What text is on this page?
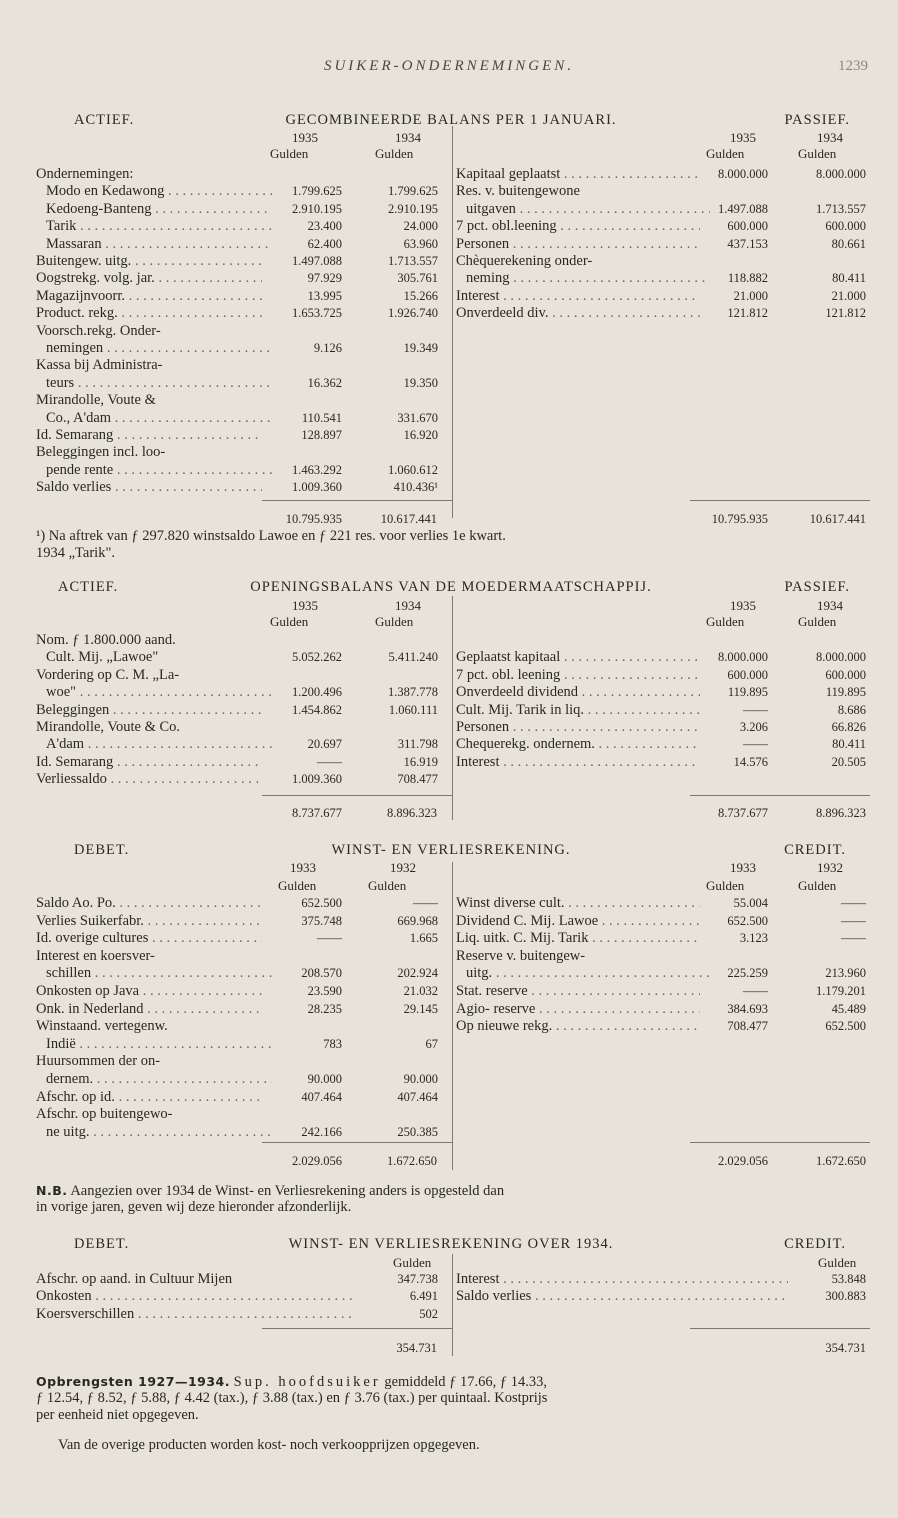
SUIKER-ONDERNEMINGEN.	1239
ACTIEF.	GECOMBINEERDE BALANS PER 1 JANUARI.	PASSIEF.
1935	1934
Gulden	Gulden
1935	1934
Gulden	Gulden
Ondernemingen:
Modo en Kedawong . . .	1.799.625	1.799.625
Kedoeng-Banteng . . .	2.910.195	2.910.195
Tarik . . .	23.400	24.000
Massaran . . .	62.400	63.960
Buitengew. uitg. . . .	1.497.088	1.713.557
Oogstrekg. volg. jar. . . .	97.929	305.761
Magazijnvoorr. . . .	13.995	15.266
Product. rekg. . . .	1.653.725	1.926.740
Voorsch.rekg. Onder-
nemingen . . .	9.126	19.349
Kassa bij Administra-
teurs . . .	16.362	19.350
Mirandolle, Voute &
Co., A'dam . . .	110.541	331.670
Id. Semarang . . .	128.897	16.920
Beleggingen incl. loo-
pende rente . . .	1.463.292	1.060.612
Saldo verlies . . .	1.009.360	410.436¹
Kapitaal geplaatst . . .	8.000.000	8.000.000
Res. v. buitengewone
uitgaven . . .	1.497.088	1.713.557
7 pct. obl.leening . . .	600.000	600.000
Personen . . .	437.153	80.661
Chèquerekening onder-
neming . . .	118.882	80.411
Interest . . .	21.000	21.000
Onverdeeld div. . . .	121.812	121.812
10.795.935	10.617.441	10.795.935	10.617.441
¹) Na aftrek van ƒ 297.820 winstsaldo Lawoe en ƒ 221 res. voor verlies 1e kwart.
1934 „Tarik".
ACTIEF.	OPENINGSBALANS VAN DE MOEDERMAATSCHAPPIJ.	PASSIEF.
1935	1934
Gulden	Gulden
1935	1934
Gulden	Gulden
Nom. ƒ 1.800.000 aand.
Cult. Mij. „Lawoe"	5.052.262	5.411.240
Vordering op C. M. „La-
woe" . . .	1.200.496	1.387.778
Beleggingen . . .	1.454.862	1.060.111
Mirandolle, Voute & Co.
A'dam . . .	20.697	311.798
Id. Semarang . . .	——	16.919
Verliessaldo . . .	1.009.360	708.477
Geplaatst kapitaal . . .	8.000.000	8.000.000
7 pct. obl. leening . . .	600.000	600.000
Onverdeeld dividend . . .	119.895	119.895
Cult. Mij. Tarik in liq. . . .	——	8.686
Personen . . .	3.206	66.826
Chequerekg. ondernem. . . .	——	80.411
Interest . . .	14.576	20.505
8.737.677	8.896.323	8.737.677	8.896.323
DEBET.	WINST- EN VERLIESREKENING.	CREDIT.
1933	1932
Gulden	Gulden
1933	1932
Gulden	Gulden
Saldo Ao. Po. . . .	652.500	——
Verlies Suikerfabr. . . .	375.748	669.968
Id. overige cultures . . .	——	1.665
Interest en koersver-
schillen . . .	208.570	202.924
Onkosten op Java . . .	23.590	21.032
Onk. in Nederland . . .	28.235	29.145
Winstaand. vertegenw.
Indië . . .	783	67
Huursommen der on-
dernem. . . .	90.000	90.000
Afschr. op id. . . .	407.464	407.464
Afschr. op buitengewo-
ne uitg. . . .	242.166	250.385
Winst diverse cult. . . .	55.004	——
Dividend C. Mij. Lawoe . . .	652.500	——
Liq. uitk. C. Mij. Tarik . . .	3.123	——
Reserve v. buitengew-
uitg. . . .	225.259	213.960
Stat. reserve . . .	——	1.179.201
Agio- reserve . . .	384.693	45.489
Op nieuwe rekg. . . .	708.477	652.500
2.029.056	1.672.650	2.029.056	1.672.650
N.B. Aangezien over 1934 de Winst- en Verliesrekening anders is opgesteld dan
in vorige jaren, geven wij deze hieronder afzonderlijk.
DEBET.	WINST- EN VERLIESREKENING OVER 1934.	CREDIT.
Gulden	Gulden
Afschr. op aand. in Cultuur Mijen	347.738
Onkosten . . .	6.491
Koersverschillen . . .	502
Interest . . .	53.848
Saldo verlies . . .	300.883
354.731	354.731
Opbrengsten 1927—1934. Sup. hoofdsuiker gemiddeld ƒ 17.66, ƒ 14.33,
ƒ 12.54, ƒ 8.52, ƒ 5.88, ƒ 4.42 (tax.), ƒ 3.88 (tax.) en ƒ 3.76 (tax.) per quintaal. Kostprijs
per eenheid niet opgegeven.
Van de overige producten worden kost- noch verkoopprijzen opgegeven.
